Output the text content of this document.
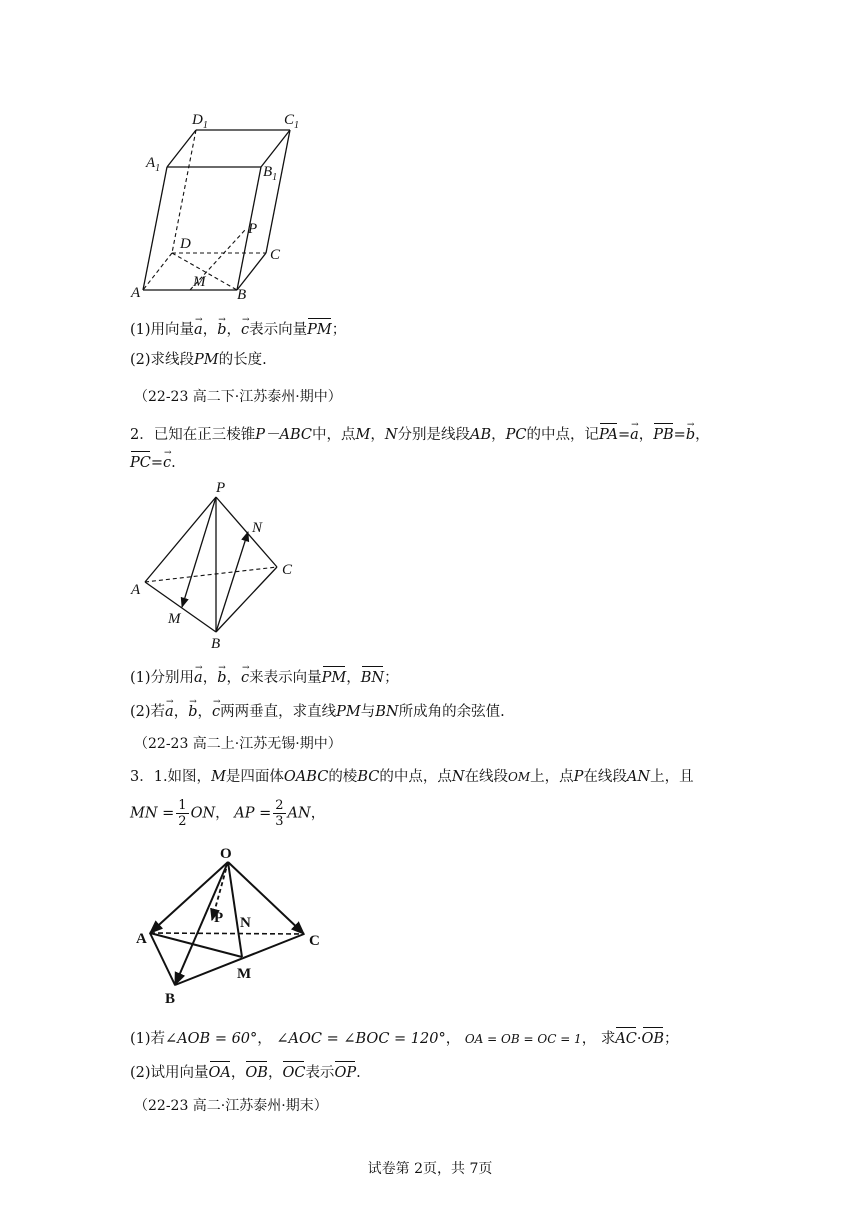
$D_1$	$C_1$
$A_1$	$B_1$
P
D
C
A
M
B
(1)用向量→ a，→ b，→ c表示向量PM；
(2)求线段PM的长度.
（22-23 高二下·江苏泰州·期中）
2．已知在正三棱锥P－ABC中，点M，N分别是线段AB，PC的中点，记PA=→ a，PB=→ b，
PC=→ c.
P
N
A
C
M
B
(1)分别用→ a，→ b，→ c来表示向量PM，BN；
(2)若→ a，→ b，→ c两两垂直，求直线PM与BN所成角的余弦值.
（22-23 高二上·江苏无锡·期中）
3．1.如图，M是四面体OABC的棱BC的中点，点N在线段OM上，点P在线段AN上，且
MN = $\frac{1}{2}$ ON， AP = $\frac{2}{3}$ AN，
O
A
P N
C
M
B
(1)若∠AOB = 60°， ∠AOC = ∠BOC = 120°， OA = OB = OC = 1， 求AC·OB；
(2)试用向量OA，OB，OC表示OP.
（22-23 高二·江苏泰州·期末）
试卷第 2页，共 7页
